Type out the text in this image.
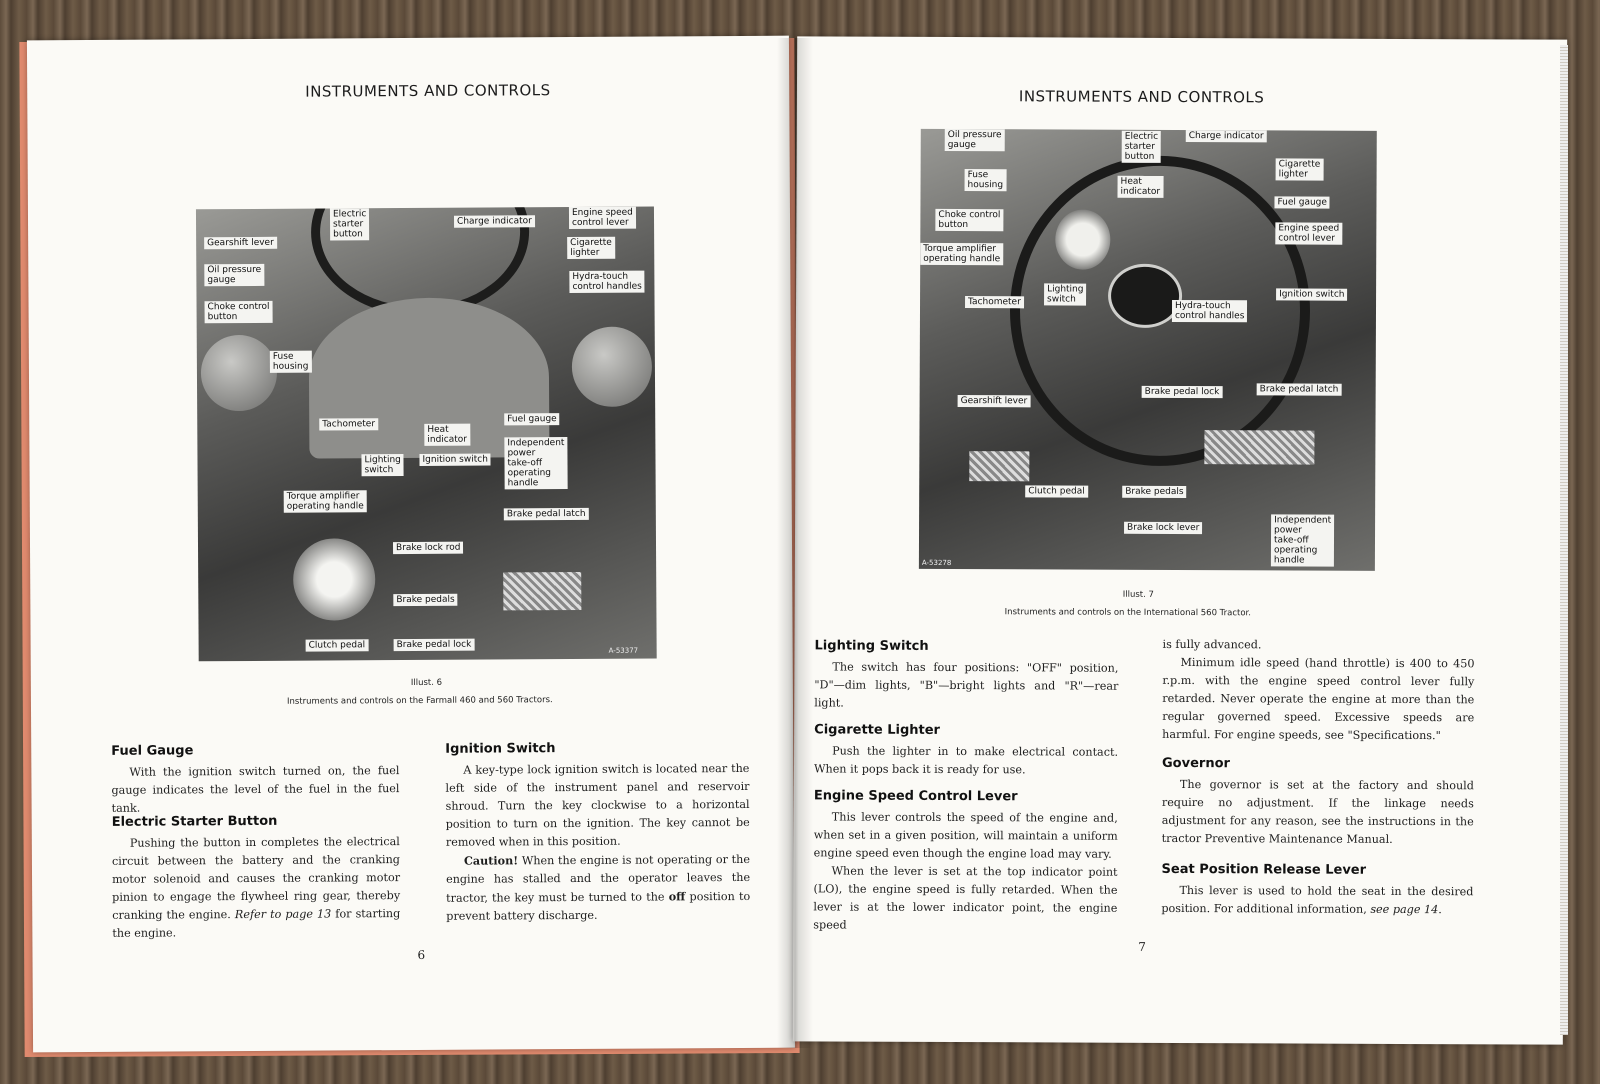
INSTRUMENTS AND CONTROLS
Electric
starter
button
Charge indicator
Engine speed
control lever
Gearshift lever	Cigarette
lighter
Oil pressure
gauge	Hydra-touch
control handles
Choke control
button
Fuse
housing
Tachometer
Heat
indicator
Fuel gauge
Independent
power
take-off
operating
handle
Lighting
switch
Ignition switch
Torque amplifier
operating handle
Brake pedal latch
Brake lock rod
Brake pedals
Clutch pedal	Brake pedal lock
A-53377
Illust. 6
Instruments and controls on the Farmall 460 and 560 Tractors.
Fuel Gauge

With the ignition switch turned on, the fuel gauge indicates the level of the fuel in the fuel tank.

Electric Starter Button

Pushing the button in completes the electrical circuit between the battery and the cranking motor solenoid and causes the cranking motor pinion to engage the flywheel ring gear, thereby cranking the engine. Refer to page 13 for starting the engine.

Ignition Switch

A key-type lock ignition switch is located near the left side of the instrument panel and reservoir shroud. Turn the key clockwise to a horizontal position to turn on the ignition. The key cannot be removed when in this position.

Caution! When the engine is not operating or the engine has stalled and the operator leaves the tractor, the key must be turned to the off position to prevent battery discharge.

6
INSTRUMENTS AND CONTROLS
Oil pressure
gauge
Electric
starter
button
Charge indicator
Fuse
housing	Heat
indicator
Cigarette
lighter
Choke control
button
Fuel gauge
Torque amplifier
operating handle
Engine speed
control lever
Lighting
switch	Ignition switch
Tachometer	Hydra-touch
control handles
Gearshift lever
Brake pedal lock	Brake pedal latch
Clutch pedal	Brake pedals
Brake lock lever
Independent
power
take-off
operating
handle
A-53278
Illust. 7
Instruments and controls on the International 560 Tractor.
Lighting Switch

The switch has four positions: "OFF" position, "D"—dim lights, "B"—bright lights and "R"—rear light.

Cigarette Lighter

Push the lighter in to make electrical contact. When it pops back it is ready for use.

Engine Speed Control Lever

This lever controls the speed of the engine and, when set in a given position, will maintain a uniform engine speed even though the engine load may vary.

When the lever is set at the top indicator point (LO), the engine speed is fully retarded. When the lever is at the lower indicator point, the engine speed

is fully advanced.

Minimum idle speed (hand throttle) is 400 to 450 r.p.m. with the engine speed control lever fully retarded. Never operate the engine at more than the regular governed speed. Excessive speeds are harmful. For engine speeds, see "Specifications."

Governor

The governor is set at the factory and should require no adjustment. If the linkage needs adjustment for any reason, see the instructions in the tractor Preventive Maintenance Manual.

Seat Position Release Lever

This lever is used to hold the seat in the desired position. For additional information, see page 14.

7
